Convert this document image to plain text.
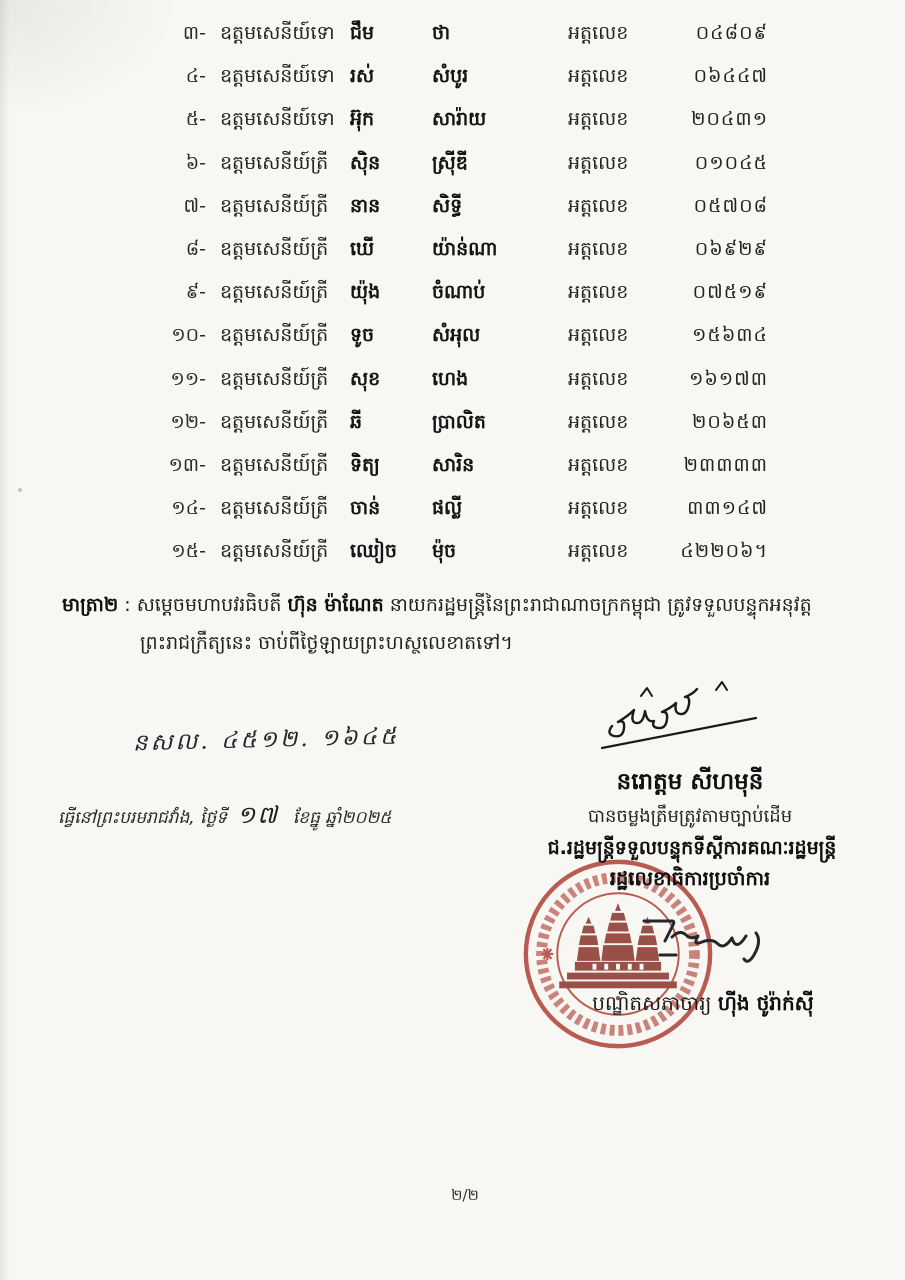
៣- ឧត្តមសេនីយ៍ទោ ជឹម	ថា	អត្តលេខ	០៤៨០៩
៤- ឧត្តមសេនីយ៍ទោ រស់	សំបូរ	អត្តលេខ	០៦៤៤៧
៥- ឧត្តមសេនីយ៍ទោ អ៊ុក	សារ៉ាយ	អត្តលេខ	២០៤៣១
៦- ឧត្តមសេនីយ៍ត្រី	ស៊ិន	ស្រ៊ីឌី	អត្តលេខ	០១០៤៥
៧- ឧត្តមសេនីយ៍ត្រី	នាន	សិទ្ធី	អត្តលេខ	០៥៧០៨
៨- ឧត្តមសេនីយ៍ត្រី	ឃើ	យ៉ាន់ណា	អត្តលេខ	០៦៩២៩
៩- ឧត្តមសេនីយ៍ត្រី	យ៉ុង	ចំណាប់	អត្តលេខ	០៧៥១៩
១០- ឧត្តមសេនីយ៍ត្រី	ទូច	សំអុល	អត្តលេខ	១៥៦៣៤
១១- ឧត្តមសេនីយ៍ត្រី	សុខ	ហេង	អត្តលេខ	១៦១៧៣
១២- ឧត្តមសេនីយ៍ត្រី	ឆី	ប្រាលិត	អត្តលេខ	២០៦៥៣
១៣- ឧត្តមសេនីយ៍ត្រី	ទិត្យ	សារិន	អត្តលេខ	២៣៣៣៣
១៤- ឧត្តមសេនីយ៍ត្រី	ចាន់	ផល្លី	អត្តលេខ	៣៣១៤៧
១៥- ឧត្តមសេនីយ៍ត្រី	ឈៀច	ម៉ុច	អត្តលេខ	៤២២០៦។
មាត្រា២ : សម្ដេចមហាបវរធិបតី ហ៊ុន ម៉ាណែត នាយករដ្ឋមន្ត្រីនៃព្រះរាជាណាចក្រកម្ពុជា ត្រូវទទួលបន្ទុកអនុវត្ត
ព្រះរាជក្រឹត្យនេះ ចាប់ពីថ្ងៃឡាយព្រះហស្ថលេខាតទៅ។
នសល. ៤៥១២. ១៦៤៥
ធ្វើនៅព្រះបរមរាជវាំង, ថ្ងៃទី ១៧ ខែធ្នូ ឆ្នាំ២០២៥
នរោត្តម សីហមុនី
បានចម្លងត្រឹមត្រូវតាមច្បាប់ដើម
ជ.រដ្ឋមន្ត្រីទទួលបន្ទុកទីស្តីការគណៈរដ្ឋមន្ត្រី
រដ្ឋលេខាធិការប្រចាំការ
បណ្ឌិតសភាចារ្យ ហ៊ីង ថូរ៉ាក់ស៊ី
២/២
